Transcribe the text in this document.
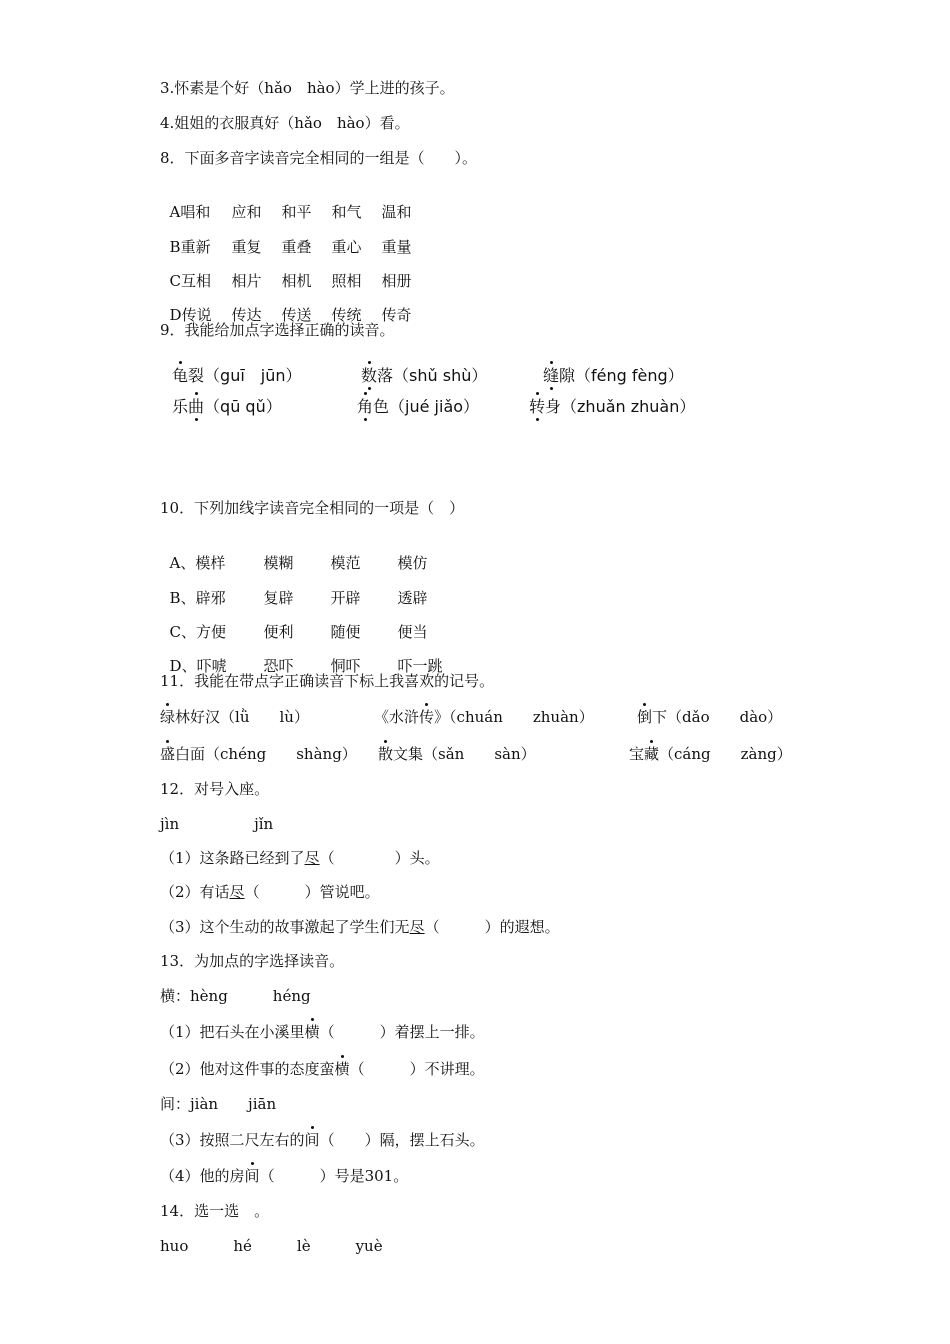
3.怀素是个好（hǎo　hào）学上进的孩子。
4.姐姐的衣服真好（hǎo　hào）看。
8．下面多音字读音完全相同的一组是（　　）。

A唱和 应和 和平 和气 温和

B重新 重复 重叠 重心 重量

C互相 相片 相机 照相 相册

D传说 传达 传送 传统 传奇

9．我能给加点字选择正确的读音。
龟裂（guī　jūn）	数落（shǔ shù）	缝隙（féng fèng）
乐曲（qū qǔ）	角色（jué jiǎo）	转身（zhuǎn zhuàn）
10．下列加线字读音完全相同的一项是（　）

A、模样	模糊 模范 模仿

B、辟邪	复辟 开辟 透辟

C、方便	便利 随便 便当

D、吓唬 恐吓 恫吓 吓一跳

11．我能在带点字正确读音下标上我喜欢的记号。
绿林好汉（lǜ　　lù）	《水浒传》（chuán　　zhuàn）	倒下（dǎo　　dào）
盛白面（chéng　　shàng） 散文集（sǎn　　sàn）	宝藏（cáng　　zàng）
12．对号入座。
jìn　　　　　jǐn
（1）这条路已经到了尽（　　　　）头。
（2）有话尽（　　　）管说吧。
（3）这个生动的故事激起了学生们无尽（　　　）的遐想。
13．为加点的字选择读音。
横：hèng　　　héng
（1）把石头在小溪里横（　　　）着摆上一排。
（2）他对这件事的态度蛮横（　　　）不讲理。
间：jiàn　　jiān
（3）按照二尺左右的间（　　）隔，摆上石头。
（4）他的房间（　　　）号是301。
14．选一选　。
huo　　　hé　　　lè　　　yuè
